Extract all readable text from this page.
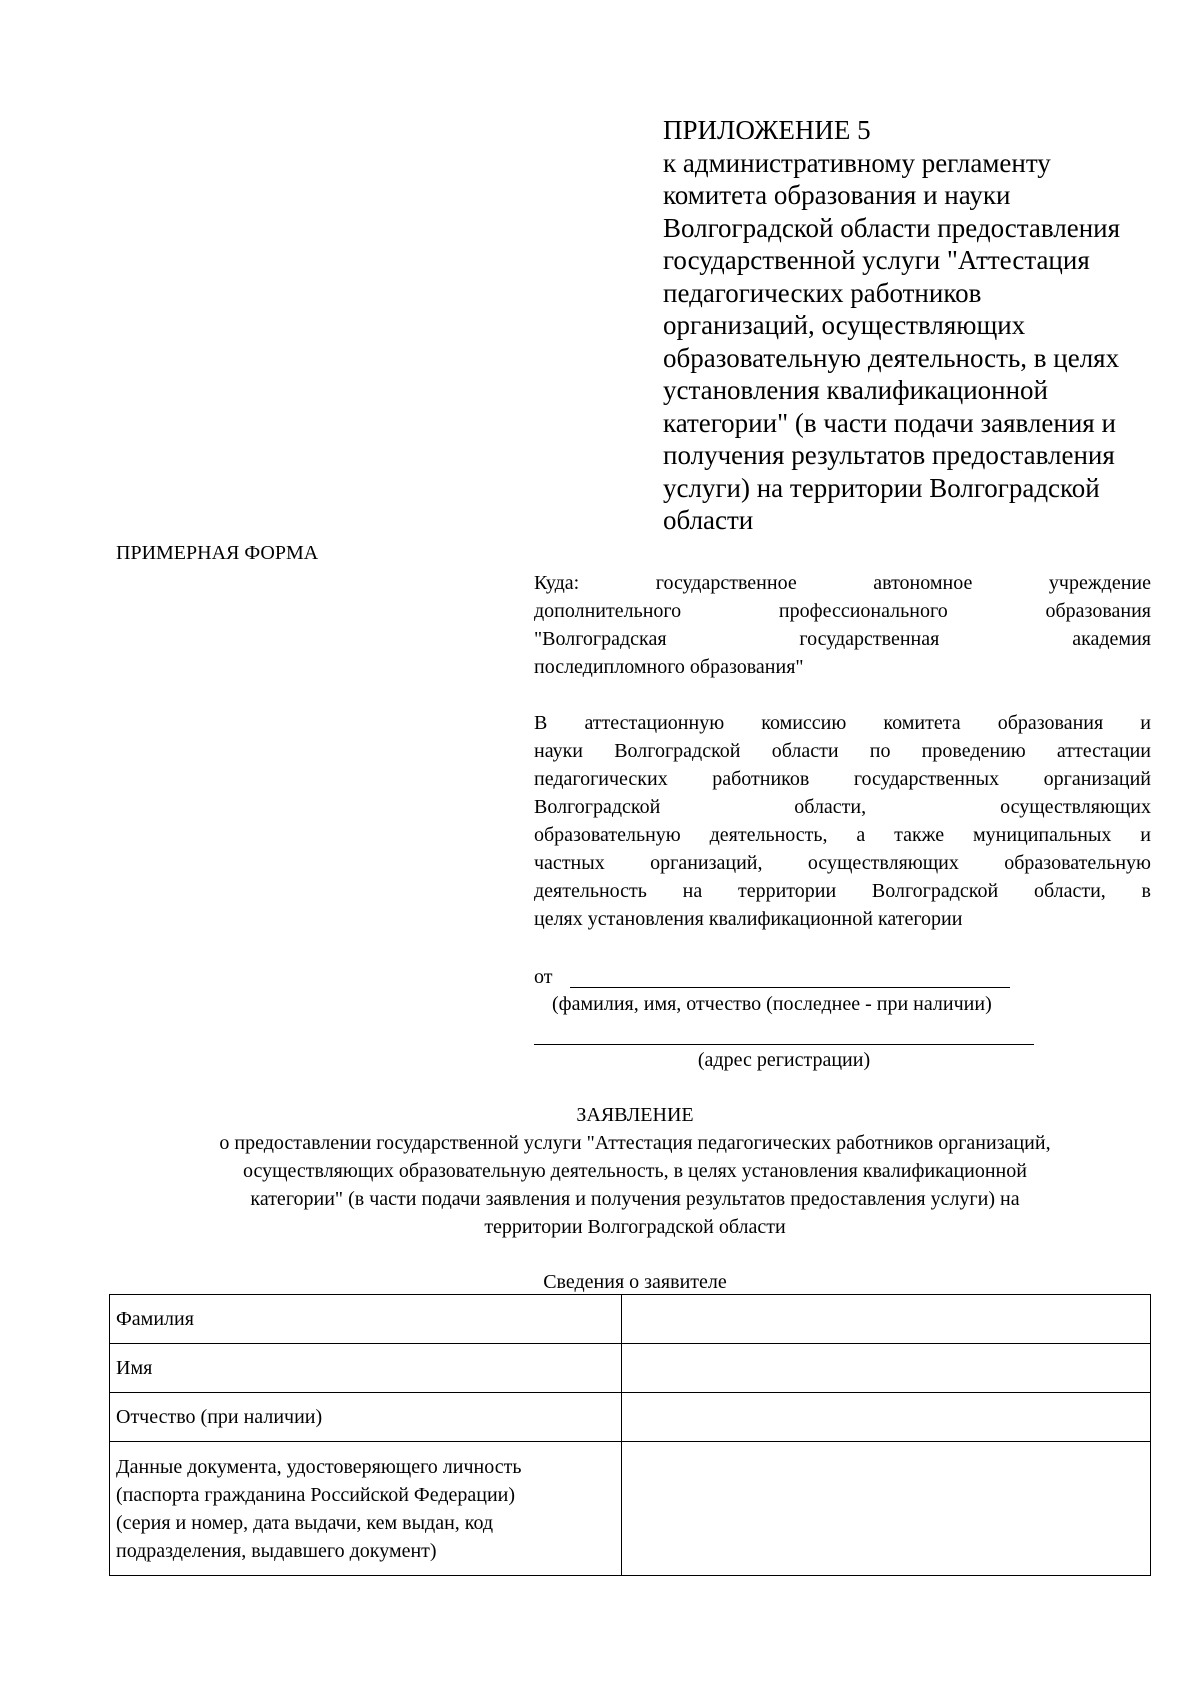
ПРИЛОЖЕНИЕ 5
к административному регламенту
комитета образования и науки
Волгоградской области предоставления
государственной услуги "Аттестация
педагогических работников
организаций, осуществляющих
образовательную деятельность, в целях
установления квалификационной
категории" (в части подачи заявления и
получения результатов предоставления
услуги) на территории Волгоградской
области
ПРИМЕРНАЯ ФОРМА

Куда: государственное автономное учреждение
дополнительного профессионального образования
"Волгоградская государственная академия
последипломного образования"

В аттестационную комиссию комитета образования и
науки Волгоградской области по проведению аттестации
педагогических работников государственных организаций
Волгоградской области, осуществляющих
образовательную деятельность, а также муниципальных и
частных организаций, осуществляющих образовательную
деятельность на территории Волгоградской области, в
целях установления квалификационной категории

от
(фамилия, имя, отчество (последнее - при наличии)
(адрес регистрации)
ЗАЯВЛЕНИЕ
о предоставлении государственной услуги "Аттестация педагогических работников организаций,
осуществляющих образовательную деятельность, в целях установления квалификационной
категории" (в части подачи заявления и получения результатов предоставления услуги) на
территории Волгоградской области
Сведения о заявителе
Фамилия	
Имя	
Отчество (при наличии)	

Данные документа, удостоверяющего личность
(паспорта гражданина Российской Федерации)
(серия и номер, дата выдачи, кем выдан, код
подразделения, выдавшего документ)	
